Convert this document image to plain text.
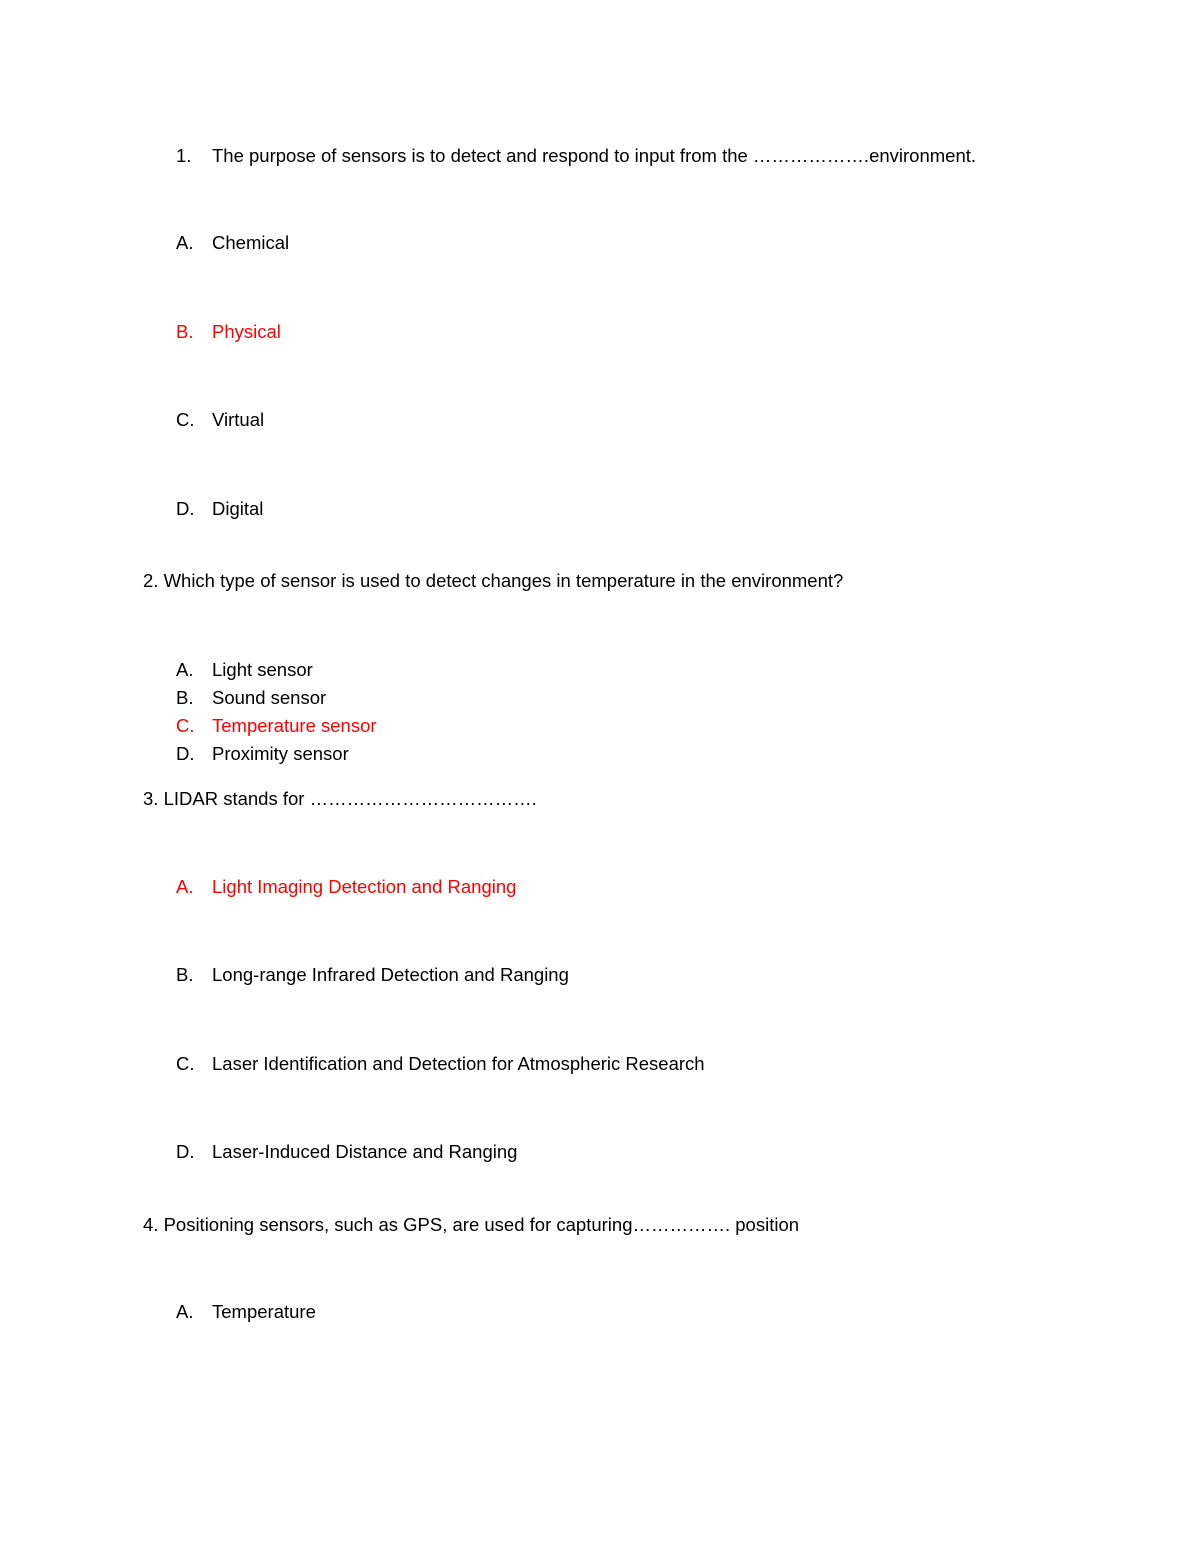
1. The purpose of sensors is to detect and respond to input from the ……………….environment.
A. Chemical
B. Physical
C. Virtual
D. Digital
2. Which type of sensor is used to detect changes in temperature in the environment?
A. Light sensor
B. Sound sensor
C. Temperature sensor
D. Proximity sensor
3. LIDAR stands for ……………………………….
A. Light Imaging Detection and Ranging
B. Long-range Infrared Detection and Ranging
C. Laser Identification and Detection for Atmospheric Research
D. Laser-Induced Distance and Ranging
4. Positioning sensors, such as GPS, are used for capturing……………. position
A. Temperature
